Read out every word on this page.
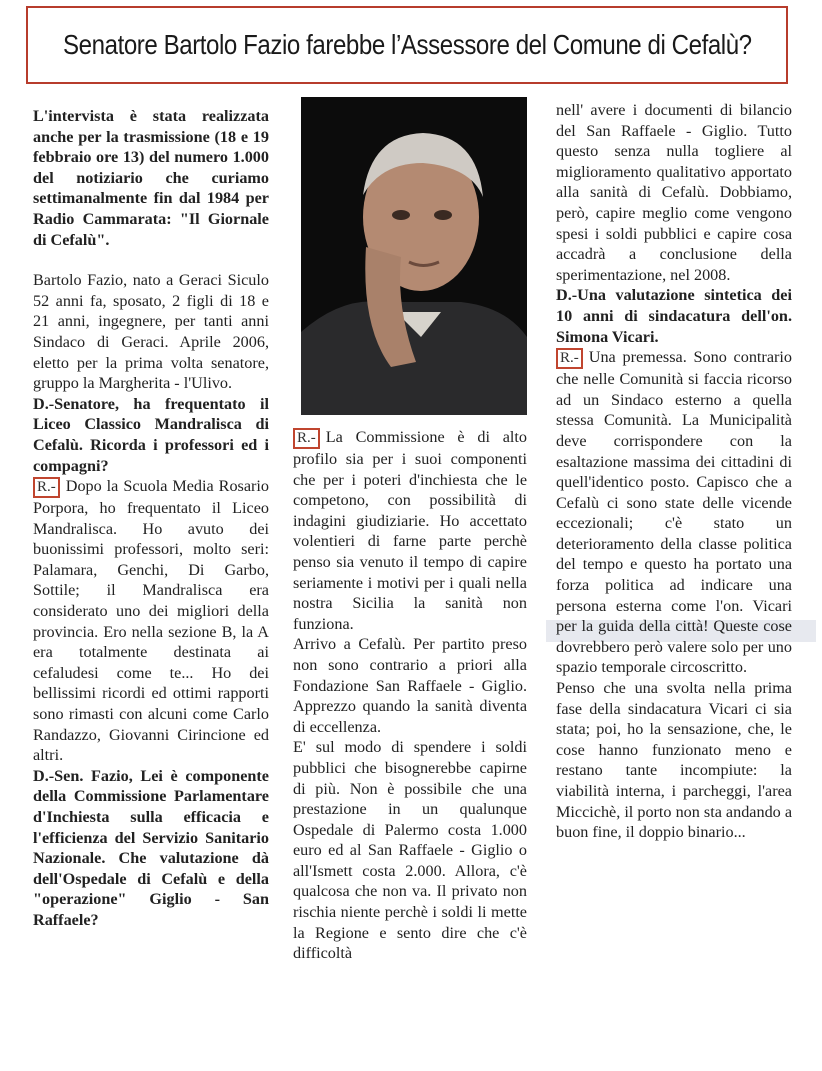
Senatore Bartolo Fazio farebbe l’Assessore del Comune di Cefalù?

L'intervista è stata realizzata anche per la trasmissione (18 e 19 febbraio ore 13) del numero 1.000 del notiziario che curiamo settimanalmente fin dal 1984 per Radio Cammarata: "Il Giornale di Cefalù".

Bartolo Fazio, nato a Geraci Siculo 52 anni fa, sposato, 2 figli di 18 e 21 anni, ingegnere, per tanti anni Sindaco di Geraci. Aprile 2006, eletto per la prima volta senatore, gruppo la Margherita - l'Ulivo.

D.-Senatore, ha frequentato il Liceo Classico Mandralisca di Cefalù. Ricorda i professori ed i compagni?

R.- Dopo la Scuola Media Rosario Porpora, ho frequentato il Liceo Mandralisca. Ho avuto dei buonissimi professori, molto seri: Palamara, Genchi, Di Garbo, Sottile; il Mandralisca era considerato uno dei migliori della provincia. Ero nella sezione B, la A era totalmente destinata ai cefaludesi come te... Ho dei bellissimi ricordi ed ottimi rapporti sono rimasti con alcuni come Carlo Randazzo, Giovanni Cirincione ed altri.

D.-Sen. Fazio, Lei è componente della Commissione Parlamentare d'Inchiesta sulla efficacia e l'efficienza del Servizio Sanitario Nazionale. Che valutazione dà dell'Ospedale di Cefalù e della "operazione" Giglio - San Raffaele?

R.- La Commissione è di alto profilo sia per i suoi componenti che per i poteri d'inchiesta che le competono, con possibilità di indagini giudiziarie. Ho accettato volentieri di farne parte perchè penso sia venuto il tempo di capire seriamente i motivi per i quali nella nostra Sicilia la sanità non funziona.

Arrivo a Cefalù. Per partito preso non sono contrario a priori alla Fondazione San Raffaele - Giglio. Apprezzo quando la sanità diventa di eccellenza.

E' sul modo di spendere i soldi pubblici che bisognerebbe capirne di più. Non è possibile che una prestazione in un qualunque Ospedale di Palermo costa 1.000 euro ed al San Raffaele - Giglio o all'Ismett costa 2.000. Allora, c'è qualcosa che non va. Il privato non rischia niente perchè i soldi li mette la Regione e sento dire che c'è difficoltà

nell' avere i documenti di bilancio del San Raffaele - Giglio. Tutto questo senza nulla togliere al miglioramento qualitativo apportato alla sanità di Cefalù. Dobbiamo, però, capire meglio come vengono spesi i soldi pubblici e capire cosa accadrà a conclusione della sperimentazione, nel 2008.

D.-Una valutazione sintetica dei 10 anni di sindacatura dell'on. Simona Vicari.

R.- Una premessa. Sono contrario che nelle Comunità si faccia ricorso ad un Sindaco esterno a quella stessa Comunità. La Municipalità deve corrispondere con la esaltazione massima dei cittadini di quell'identico posto. Capisco che a Cefalù ci sono state delle vicende eccezionali; c'è stato un deterioramento della classe politica del tempo e questo ha portato una forza politica ad indicare una persona esterna come l'on. Vicari per la guida della città! Queste cose dovrebbero però valere solo per uno spazio temporale circoscritto.

Penso che una svolta nella prima fase della sindacatura Vicari ci sia stata; poi, ho la sensazione, che, le cose hanno funzionato meno e restano tante incompiute: la viabilità interna, i parcheggi, l'area Miccichè, il porto non sta andando a buon fine, il doppio binario...
